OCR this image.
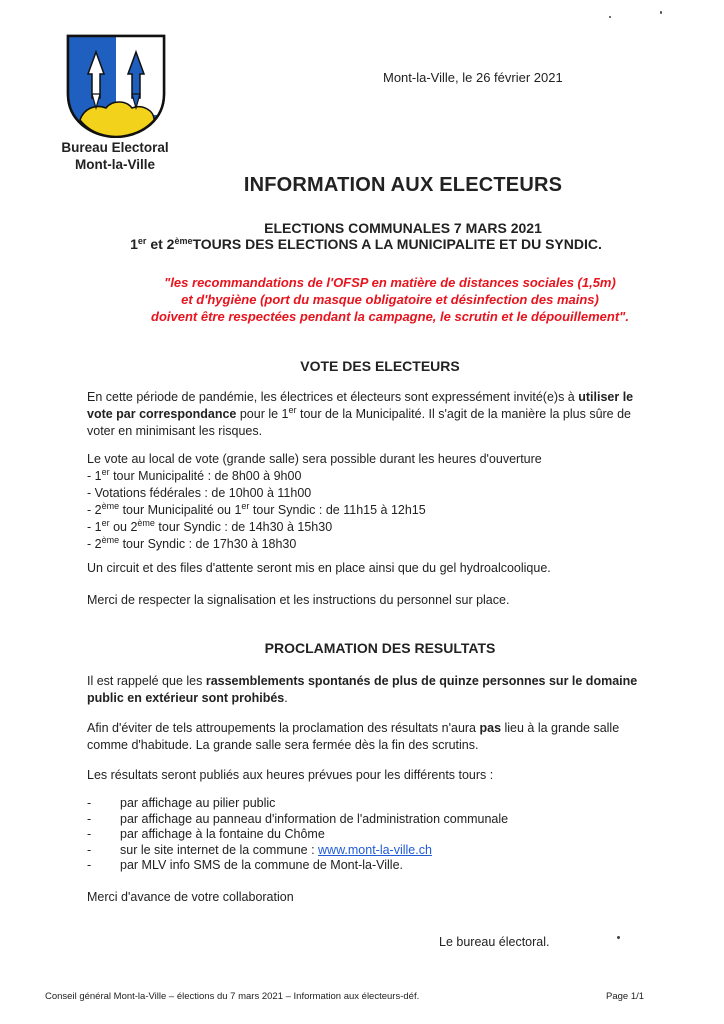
Bureau Electoral
Mont-la-Ville
Mont-la-Ville, le 26 février 2021
INFORMATION AUX ELECTEURS
ELECTIONS COMMUNALES 7 MARS 2021
1er et 2èmeTOURS DES ELECTIONS A LA MUNICIPALITE ET DU SYNDIC.
"les recommandations de l'OFSP en matière de distances sociales (1,5m)
et d'hygiène (port du masque obligatoire et désinfection des mains)
doivent être respectées pendant la campagne, le scrutin et le dépouillement".
VOTE DES ELECTEURS
En cette période de pandémie, les électrices et électeurs sont expressément invité(e)s à utiliser le
vote par correspondance pour le 1er tour de la Municipalité. Il s'agit de la manière la plus sûre de
voter en minimisant les risques.
Le vote au local de vote (grande salle) sera possible durant les heures d'ouverture
- 1er tour Municipalité : de 8h00 à 9h00
- Votations fédérales : de 10h00 à 11h00
- 2ème tour Municipalité ou 1er tour Syndic : de 11h15 à 12h15
- 1er ou 2ème tour Syndic : de 14h30 à 15h30
- 2ème tour Syndic : de 17h30 à 18h30
Un circuit et des files d'attente seront mis en place ainsi que du gel hydroalcoolique.
Merci de respecter la signalisation et les instructions du personnel sur place.
PROCLAMATION DES RESULTATS
Il est rappelé que les rassemblements spontanés de plus de quinze personnes sur le domaine
public en extérieur sont prohibés.
Afin d'éviter de tels attroupements la proclamation des résultats n'aura pas lieu à la grande salle
comme d'habitude. La grande salle sera fermée dès la fin des scrutins.
Les résultats seront publiés aux heures prévues pour les différents tours :
- par affichage au pilier public
- par affichage au panneau d'information de l'administration communale
- par affichage à la fontaine du Chôme
- sur le site internet de la commune : www.mont-la-ville.ch
- par MLV info SMS de la commune de Mont-la-Ville.
Merci d'avance de votre collaboration
Le bureau électoral.
Conseil général Mont-la-Ville – élections du 7 mars 2021 – Information aux électeurs-déf.	Page 1/1
